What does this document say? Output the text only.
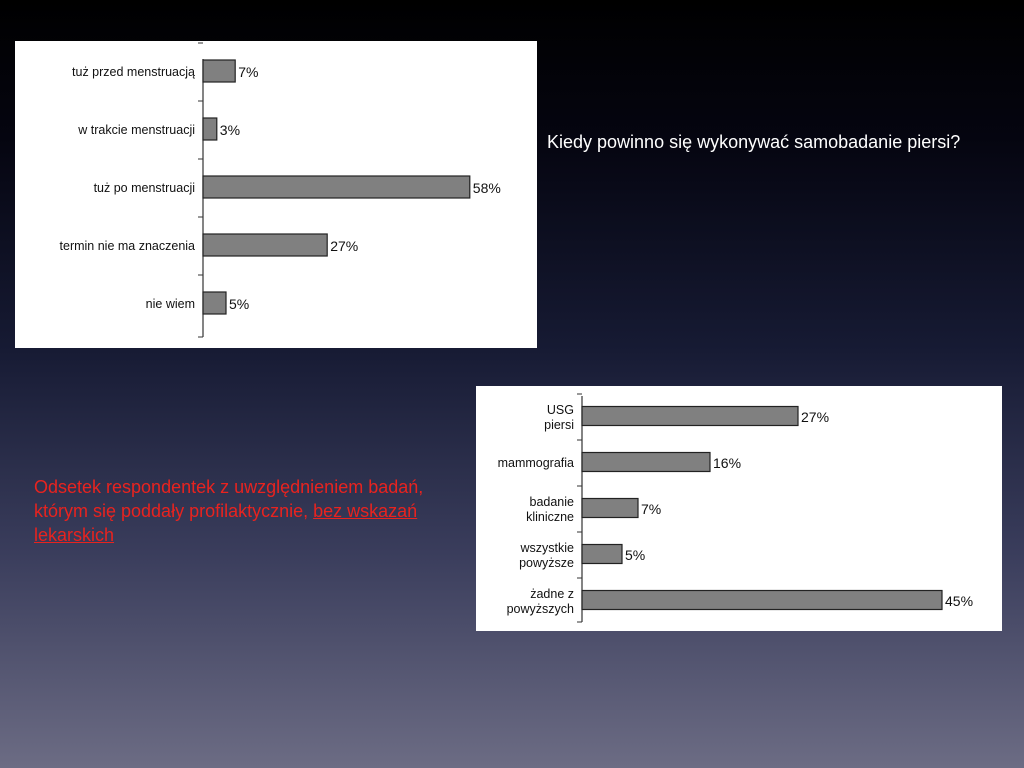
7%
tuż przed menstruacją
3%
w trakcie menstruacji
58%
tuż po menstruacji
27%
termin nie ma znaczenia
5%
nie wiem
Kiedy powinno się wykonywać samobadanie piersi?
27%
USG piersi
16%
mammografia
7%
badanie kliniczne
5%
wszystkie powyższe
45%
żadne z powyższych
Odsetek respondentek z uwzględnieniem badań, którym się poddały profilaktycznie, bez wskazań lekarskich
